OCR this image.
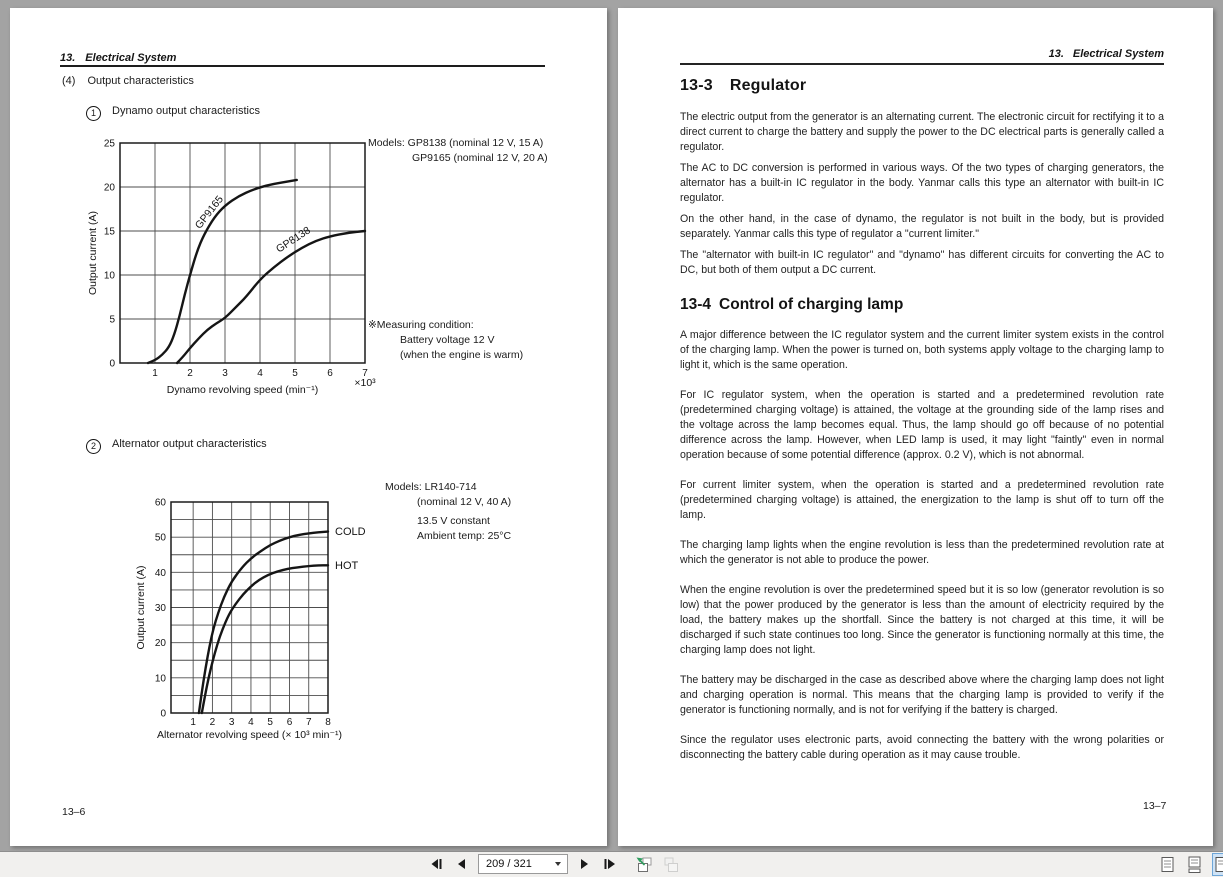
13. Electrical System
(4) Output characteristics
1 Dynamo output characteristics
1	2	3	4	5	6	7
0
5
10
15
20
25
Dynamo revolving speed (min⁻¹)
×10³
Output current (A)	GP9165
GP8138
Models: GP8138 (nominal 12 V, 15 A)
GP9165 (nominal 12 V, 20 A)
※Measuring condition:
Battery voltage 12 V
(when the engine is warm)
2 Alternator output characteristics
1 2 3 4 5 6 7 8
0
10
20
30
40
50
60
Alternator revolving speed (× 10³ min⁻¹)
Output current (A)
COLD
HOT
Models: LR140-714
(nominal 12 V, 40 A)
13.5 V constant
Ambient temp: 25°C
13–6
13. Electrical System
13-3 Regulator

The electric output from the generator is an alternating current. The electronic circuit for rectifying it to a direct current to charge the battery and supply the power to the DC electrical parts is generally called a regulator.

The AC to DC conversion is performed in various ways. Of the two types of charging generators, the alternator has a built-in IC regulator in the body. Yanmar calls this type an alternator with built-in IC regulator.

On the other hand, in the case of dynamo, the regulator is not built in the body, but is provided separately. Yanmar calls this type of regulator a "current limiter."

The "alternator with built-in IC regulator" and "dynamo" has different circuits for converting the AC to DC, but both of them output a DC current.

13-4 Control of charging lamp

A major difference between the IC regulator system and the current limiter system exists in the control of the charging lamp. When the power is turned on, both systems apply voltage to the charging lamp to light it, which is the same operation.

For IC regulator system, when the operation is started and a predetermined revolution rate (predetermined charging voltage) is attained, the voltage at the grounding side of the lamp rises and the voltage across the lamp becomes equal. Thus, the lamp should go off because of no potential difference across the lamp. However, when LED lamp is used, it may light "faintly" even in normal operation because of some potential difference (approx. 0.2 V), which is not abnormal.

For current limiter system, when the operation is started and a predetermined revolution rate (predetermined charging voltage) is attained, the energization to the lamp is shut off to turn off the lamp.

The charging lamp lights when the engine revolution is less than the predetermined revolution rate at which the generator is not able to produce the power.

When the engine revolution is over the predetermined speed but it is so low (generator revolution is so low) that the power produced by the generator is less than the amount of electricity required by the load, the battery makes up the shortfall. Since the battery is not charged at this time, it will be discharged if such state continues too long. Since the generator is functioning normally at this time, the charging lamp does not light.

The battery may be discharged in the case as described above where the charging lamp does not light and charging operation is normal. This means that the charging lamp is provided to verify if the generator is functioning normally, and is not for verifying if the battery is charged.

Since the regulator uses electronic parts, avoid connecting the battery with the wrong polarities or disconnecting the battery cable during operation as it may cause trouble.

13–7
209 / 321
